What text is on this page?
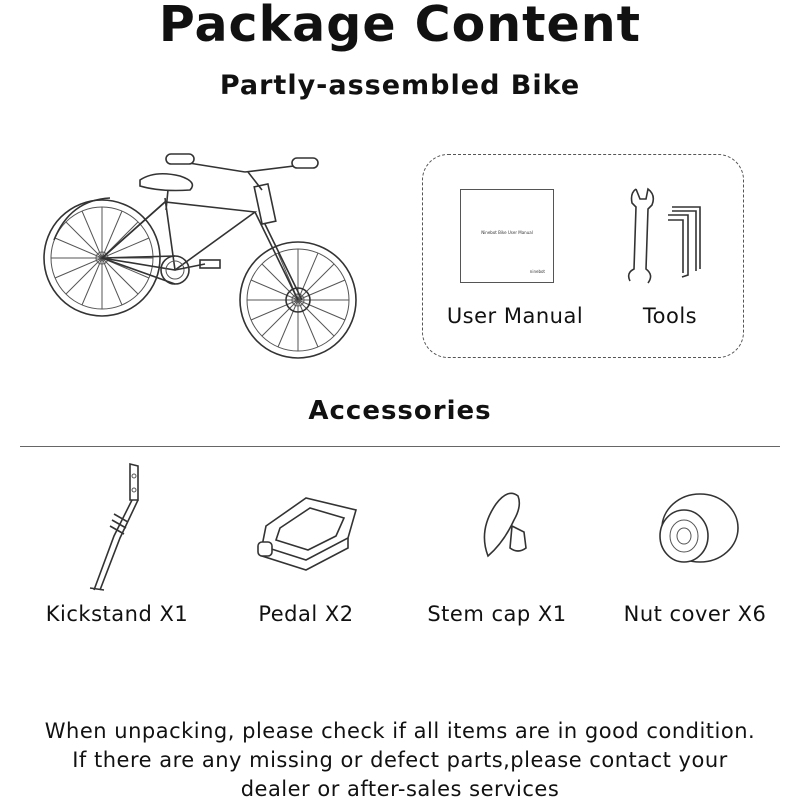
Package Content
Partly-assembled Bike
Ninebot Bike User Manual
ninebot
User Manual	Tools
Accessories
Kickstand X1	Pedal X2	Stem cap X1	Nut cover X6
When unpacking, please check if all items are in good condition.
If there are any missing or defect parts,please contact your
dealer or after-sales services
